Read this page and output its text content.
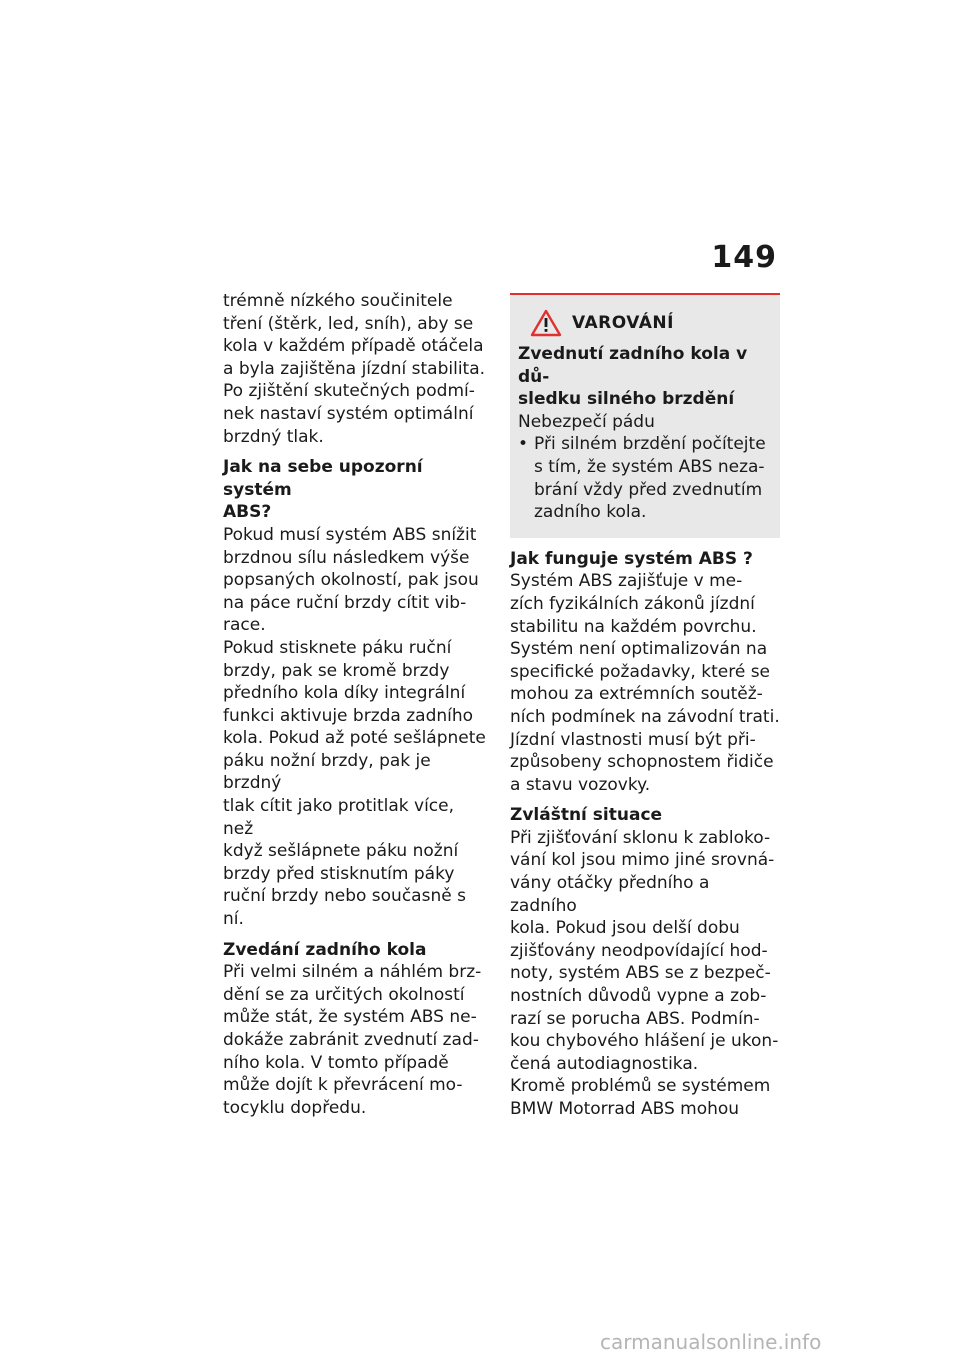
149

trémně nízkého součinitele
tření (štěrk, led, sníh), aby se
kola v každém případě otáčela
a byla zajištěna jízdní stabilita.
Po zjištění skutečných podmí-
nek nastaví systém optimální
brzdný tlak.

Jak na sebe upozorní systém
ABS?

Pokud musí systém ABS snížit
brzdnou sílu následkem výše
popsaných okolností, pak jsou
na páce ruční brzdy cítit vib-
race.

Pokud stisknete páku ruční
brzdy, pak se kromě brzdy
předního kola díky integrální
funkci aktivuje brzda zadního
kola. Pokud až poté sešlápnete
páku nožní brzdy, pak je brzdný
tlak cítit jako protitlak více, než
když sešlápnete páku nožní
brzdy před stisknutím páky
ruční brzdy nebo současně s ní.

Zvedání zadního kola

Při velmi silném a náhlém brz-
dění se za určitých okolností
může stát, že systém ABS ne-
dokáže zabránit zvednutí zad-
ního kola. V tomto případě
může dojít k převrácení mo-
tocyklu dopředu.

VAROVÁNÍ
Zvednutí zadního kola v dů-
sledku silného brzdění
Nebezpečí pádu
• Při silném brzdění počítejte
s tím, že systém ABS neza-
brání vždy před zvednutím
zadního kola.
Jak funguje systém ABS ?

Systém ABS zajišťuje v me-
zích fyzikálních zákonů jízdní
stabilitu na každém povrchu.
Systém není optimalizován na
specifické požadavky, které se
mohou za extrémních soutěž-
ních podmínek na závodní trati.
Jízdní vlastnosti musí být při-
způsobeny schopnostem řidiče
a stavu vozovky.

Zvláštní situace

Při zjišťování sklonu k zabloko-
vání kol jsou mimo jiné srovná-
vány otáčky předního a zadního
kola. Pokud jsou delší dobu
zjišťovány neodpovídající hod-
noty, systém ABS se z bezpeč-
nostních důvodů vypne a zob-
razí se porucha ABS. Podmín-
kou chybového hlášení je ukon-
čená autodiagnostika.

Kromě problémů se systémem
BMW Motorrad ABS mohou

carmanualsonline.info
